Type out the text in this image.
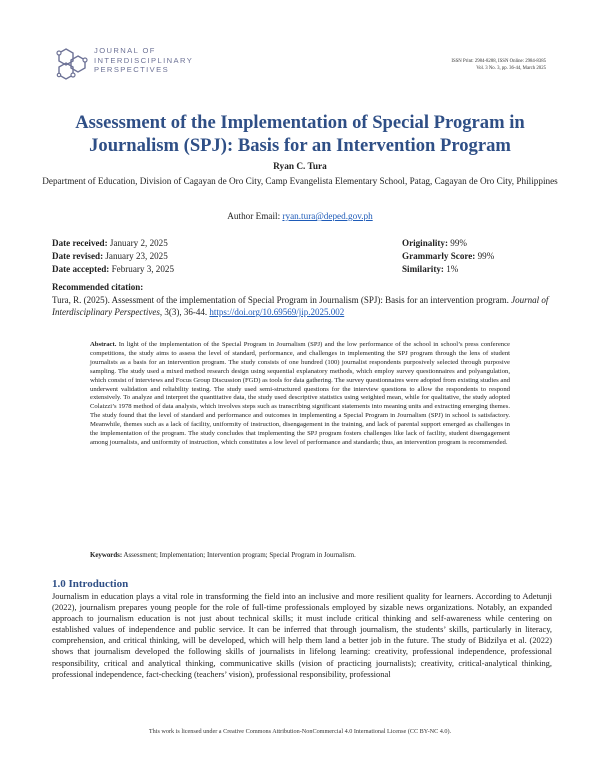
JOURNAL OF
INTERDISCIPLINARY
PERSPECTIVES
ISSN Print: 2984-8288, ISSN Online: 2984-8385
Vol. 3 No. 3, pp. 36-44, March 2025
Assessment of the Implementation of Special Program in Journalism (SPJ): Basis for an Intervention Program
Ryan C. Tura
Department of Education, Division of Cagayan de Oro City, Camp Evangelista Elementary School, Patag, Cagayan de Oro City, Philippines
Author Email: ryan.tura@deped.gov.ph
Date received: January 2, 2025
Date revised: January 23, 2025
Date accepted: February 3, 2025
Originality: 99%
Grammarly Score: 99%
Similarity: 1%
Recommended citation:
Tura, R. (2025). Assessment of the implementation of Special Program in Journalism (SPJ): Basis for an intervention program. Journal of Interdisciplinary Perspectives, 3(3), 36-44. https://doi.org/10.69569/jip.2025.002
Abstract. In light of the implementation of the Special Program in Journalism (SPJ) and the low performance of the school in school’s press conference competitions, the study aims to assess the level of standard, performance, and challenges in implementing the SPJ program through the lens of student journalists as a basis for an intervention program. The study consists of one hundred (100) journalist respondents purposively selected through purposive sampling. The study used a mixed method research design using sequential explanatory methods, which employ survey questionnaires and polyangulation, which consist of interviews and Focus Group Discussion (FGD) as tools for data gathering. The survey questionnaires were adopted from existing studies and underwent validation and reliability testing. The study used semi-structured questions for the interview questions to allow the respondents to respond extensively. To analyze and interpret the quantitative data, the study used descriptive statistics using weighted mean, while for qualitative, the study adopted Colaizzi’s 1978 method of data analysis, which involves steps such as transcribing significant statements into meaning units and extracting emerging themes. The study found that the level of standard and performance and outcomes in implementing a Special Program in Journalism (SPJ) in school is satisfactory. Meanwhile, themes such as a lack of facility, uniformity of instruction, disengagement in the training, and lack of parental support emerged as challenges in the implementation of the program. The study concludes that implementing the SPJ program fosters challenges like lack of facility, student disengagement among journalists, and uniformity of instruction, which constitutes a low level of performance and standards; thus, an intervention program is recommended.
Keywords: Assessment; Implementation; Intervention program; Special Program in Journalism.
1.0 Introduction
Journalism in education plays a vital role in transforming the field into an inclusive and more resilient quality for learners. According to Adetunji (2022), journalism prepares young people for the role of full-time professionals employed by sizable news organizations. Notably, an expanded approach to journalism education is not just about technical skills; it must include critical thinking and self-awareness while centering on established values of independence and public service. It can be inferred that through journalism, the students’ skills, particularly in literacy, comprehension, and critical thinking, will be developed, which will help them land a better job in the future. The study of Bidzilya et al. (2022) shows that journalism developed the following skills of journalists in lifelong learning: creativity, professional independence, professional responsibility, critical and analytical thinking, communicative skills (vision of practicing journalists); creativity, critical-analytical thinking, professional independence, fact-checking (teachers’ vision), professional responsibility, professional
This work is licensed under a Creative Commons Attribution-NonCommercial 4.0 International License (CC BY-NC 4.0).
